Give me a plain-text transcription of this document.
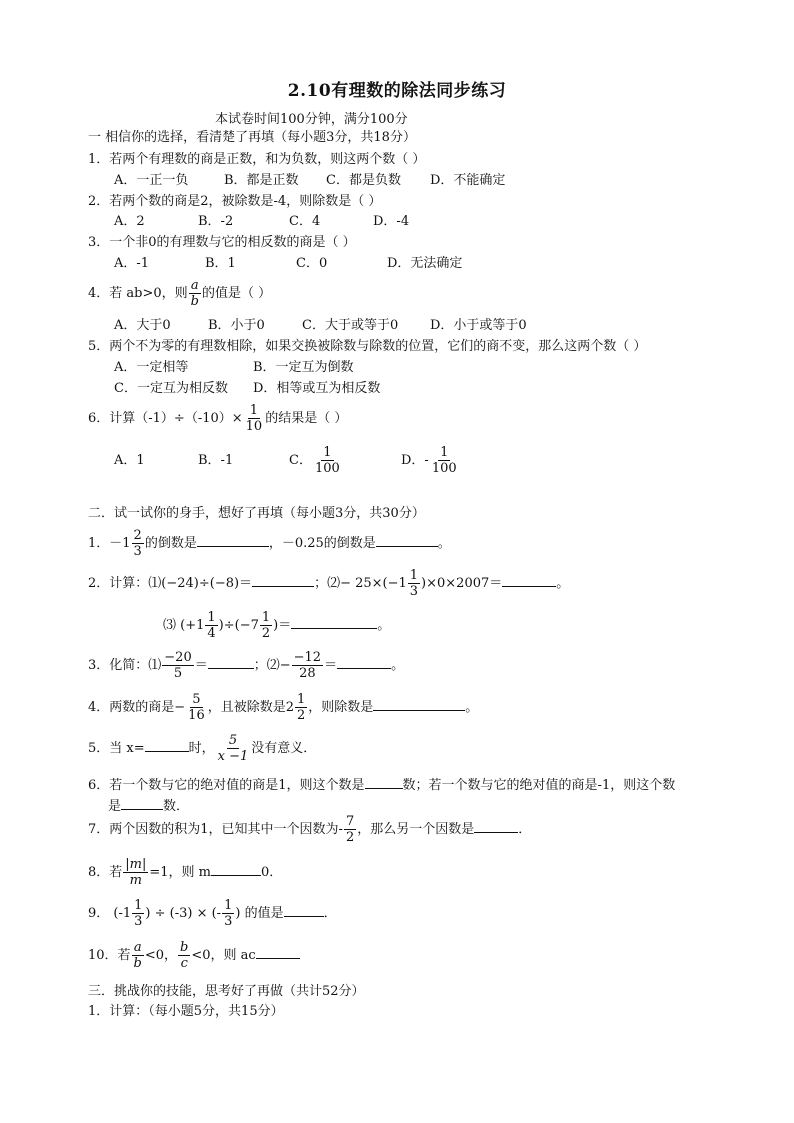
2.10有理数的除法同步练习
本试卷时间100分钟，满分100分
一 相信你的选择，看清楚了再填（每小题3分，共18分）
1．若两个有理数的商是正数，和为负数，则这两个数（ ）
A．一正一负	B．都是正数 C．都是负数 D．不能确定
2．若两个数的商是2，被除数是-4，则除数是（ ）
A．2	B．-2	C．4	D．-4
3．一个非0的有理数与它的相反数的商是（ ）
A．-1	B．1	C．0	D．无法确定
4．若 ab>0，则 $\frac{a}{b}$ 的值是（ ）
A．大于0	B．小于0	C．大于或等于0 D．小于或等于0
5．两个不为零的有理数相除，如果交换被除数与除数的位置，它们的商不变，那么这两个数（ ）
A．一定相等	B．一定互为倒数
C．一定互为相反数 D．相等或互为相反数
6．计算$(-1)\div(-10)\times \frac{1}{10}$ 的结果是（ ）
A．1	B．-1	C． $\frac{1}{100}$	D．- $\frac{1}{100}$
二．试一试你的身手，想好了再填（每小题3分，共30分）
1．$-1 \frac{2}{3}$ 的倒数是	，－0.25的倒数是	。
2．计算：⑴(−24)÷(−8)＝	；⑵− $25\times(-1 \frac{1}{3} )\times 0\times 2007=$	。
⑶ $(+1 \frac{1}{4} )\div(-7 \frac{1}{2}$ )＝	。
3．化简：⑴ $\frac{-20}{5}$ ＝	；⑵− $\frac{-12}{28}$ ＝	。
4．两数的商是− $\frac{5}{16}$ ，且被除数是$2 \frac{1}{2}$ ，则除数是	。
5．当 x=	时， $\frac{5}{x -1}$ 没有意义．
6．若一个数与它的绝对值的商是1，则这个数是	数；若一个数与它的绝对值的商是-1，则这个数
是	数．
7．两个因数的积为1，已知其中一个因数为- $\frac{7}{2}$ ，那么另一个因数是	．
8．若 $\frac{|m|}{m} =1$，则 m	0．
9． ($-1 \frac{1}{3}$ ) ÷ (-3) × (- $\frac{1}{3}$ ) 的值是	．
10．若 $\frac{a}{b} <0$， $\frac{b}{c} <0$，则 ac
三．挑战你的技能，思考好了再做（共计52分）
1．计算：（每小题5分，共15分）
